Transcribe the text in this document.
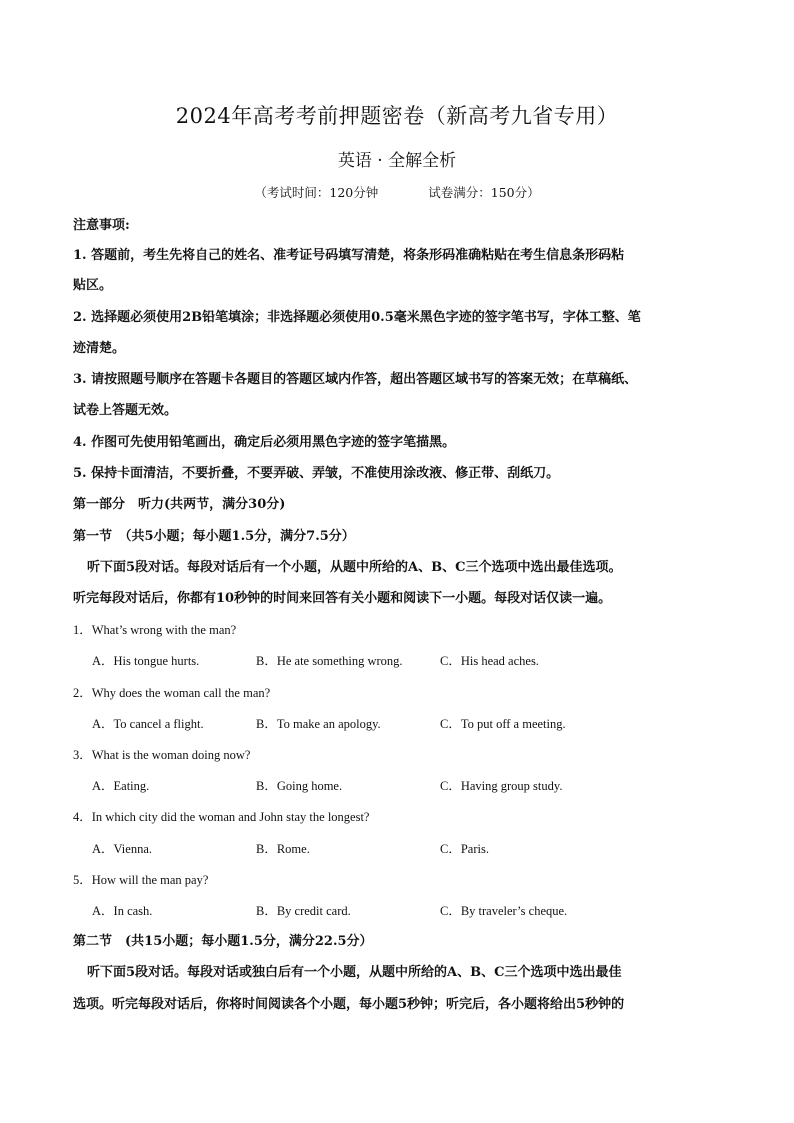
2024年高考考前押题密卷（新高考九省专用）
英语 · 全解全析
（考试时间：120分钟	试卷满分：150分）
注意事项:
1. 答题前，考生先将自己的姓名、准考证号码填写清楚，将条形码准确粘贴在考生信息条形码粘
贴区。
2. 选择题必须使用2B铅笔填涂；非选择题必须使用0.5毫米黑色字迹的签字笔书写，字体工整、笔
迹清楚。
3. 请按照题号顺序在答题卡各题目的答题区域内作答，超出答题区域书写的答案无效；在草稿纸、
试卷上答题无效。
4. 作图可先使用铅笔画出，确定后必须用黑色字迹的签字笔描黑。
5. 保持卡面清洁，不要折叠，不要弄破、弄皱，不准使用涂改液、修正带、刮纸刀。
第一部分　听力(共两节，满分30分)
第一节　（共5小题；每小题1.5分，满分7.5分）
听下面5段对话。每段对话后有一个小题，从题中所给的A、B、C三个选项中选出最佳选项。
听完每段对话后，你都有10秒钟的时间来回答有关小题和阅读下一小题。每段对话仅读一遍。
1．What’s wrong with the man?
A．His tongue hurts.	B．He ate something wrong.	C．His head aches.
2．Why does the woman call the man?
A．To cancel a flight.	B．To make an apology.	C．To put off a meeting.
3．What is the woman doing now?
A．Eating.	B．Going home.	C．Having group study.
4．In which city did the woman and John stay the longest?
A．Vienna.	B．Rome.	C．Paris.
5．How will the man pay?
A．In cash.	B．By credit card.	C．By traveler’s cheque.
第二节　(共15小题；每小题1.5分，满分22.5分）
听下面5段对话。每段对话或独白后有一个小题，从题中所给的A、B、C三个选项中选出最佳
选项。听完每段对话后，你将时间阅读各个小题，每小题5秒钟；听完后，各小题将给出5秒钟的
